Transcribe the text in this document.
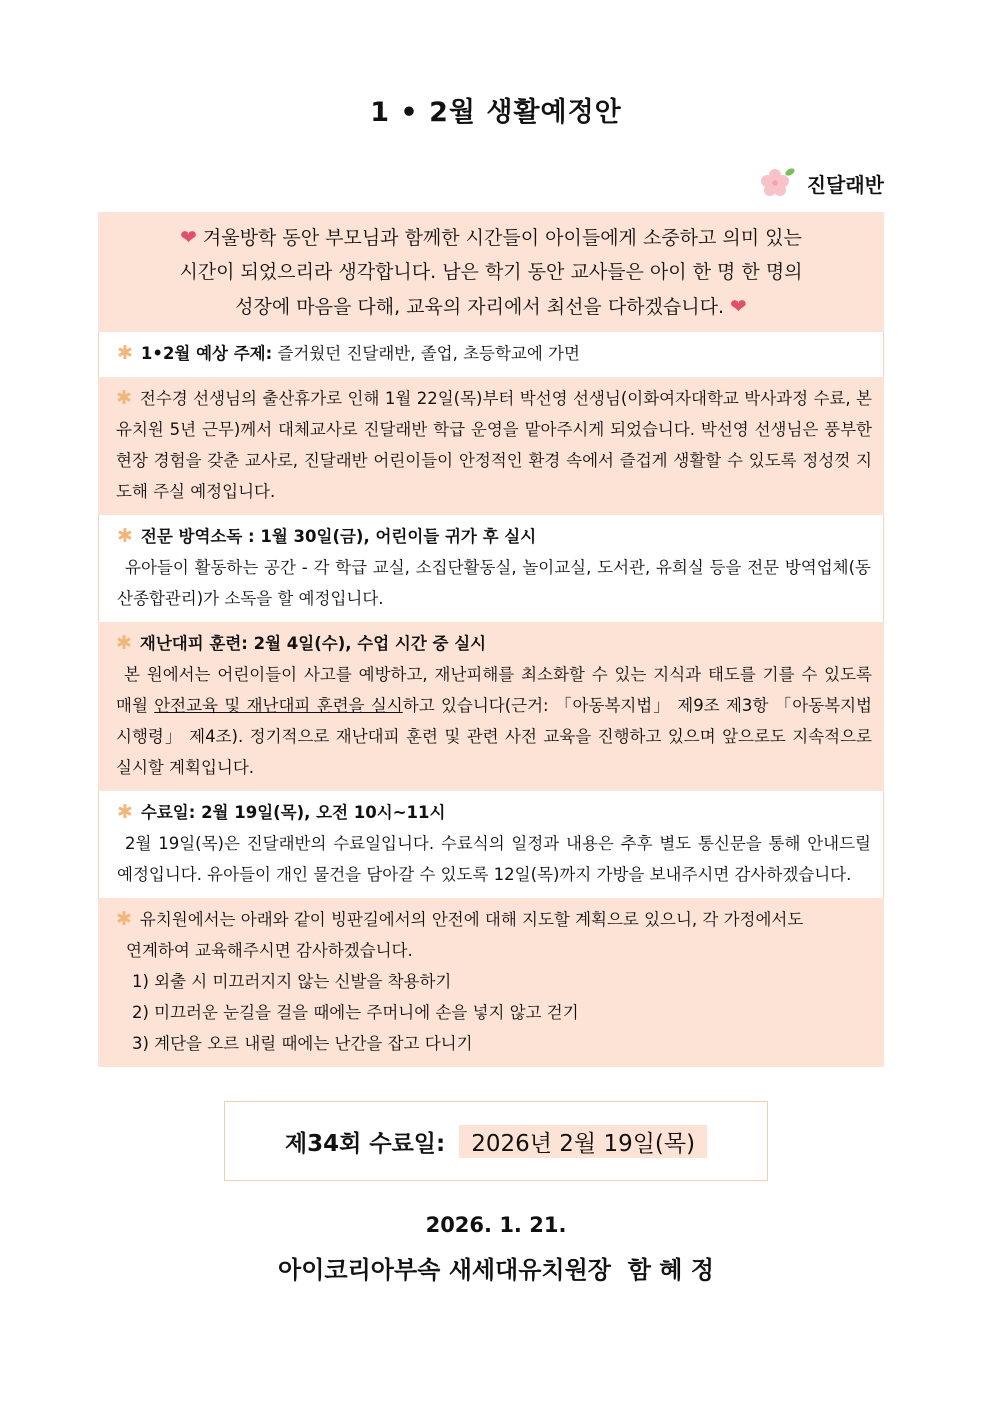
1 • 2월 생활예정안
진달래반
❤ 겨울방학 동안 부모님과 함께한 시간들이 아이들에게 소중하고 의미 있는
시간이 되었으리라 생각합니다. 남은 학기 동안 교사들은 아이 한 명 한 명의
성장에 마음을 다해, 교육의 자리에서 최선을 다하겠습니다. ❤
✱ 1•2월 예상 주제: 즐거웠던 진달래반, 졸업, 초등학교에 가면
✱ 전수경 선생님의 출산휴가로 인해 1월 22일(목)부터 박선영 선생님(이화여자대학교 박사과정 수료, 본 유치원 5년 근무)께서 대체교사로 진달래반 학급 운영을 맡아주시게 되었습니다. 박선영 선생님은 풍부한 현장 경험을 갖춘 교사로, 진달래반 어린이들이 안정적인 환경 속에서 즐겁게 생활할 수 있도록 정성껏 지도해 주실 예정입니다.
✱ 전문 방역소독 : 1월 30일(금), 어린이들 귀가 후 실시
유아들이 활동하는 공간 - 각 학급 교실, 소집단활동실, 놀이교실, 도서관, 유희실 등을 전문 방역업체(동산종합관리)가 소독을 할 예정입니다.
✱ 재난대피 훈련: 2월 4일(수), 수업 시간 중 실시
본 원에서는 어린이들이 사고를 예방하고, 재난피해를 최소화할 수 있는 지식과 태도를 기를 수 있도록 매월 안전교육 및 재난대피 훈련을 실시하고 있습니다(근거: 「아동복지법」 제9조 제3항 「아동복지법 시행령」 제4조). 정기적으로 재난대피 훈련 및 관련 사전 교육을 진행하고 있으며 앞으로도 지속적으로 실시할 계획입니다.
✱ 수료일: 2월 19일(목), 오전 10시~11시
2월 19일(목)은 진달래반의 수료일입니다. 수료식의 일정과 내용은 추후 별도 통신문을 통해 안내드릴 예정입니다. 유아들이 개인 물건을 담아갈 수 있도록 12일(목)까지 가방을 보내주시면 감사하겠습니다.
✱ 유치원에서는 아래와 같이 빙판길에서의 안전에 대해 지도할 계획으로 있으니, 각 가정에서도
연계하여 교육해주시면 감사하겠습니다.
1) 외출 시 미끄러지지 않는 신발을 착용하기
2) 미끄러운 눈길을 걸을 때에는 주머니에 손을 넣지 않고 걷기
3) 계단을 오르 내릴 때에는 난간을 잡고 다니기
제34회 수료일:	2026년 2월 19일(목)
2026. 1. 21.
아이코리아부속 새세대유치원장  함 혜 정
